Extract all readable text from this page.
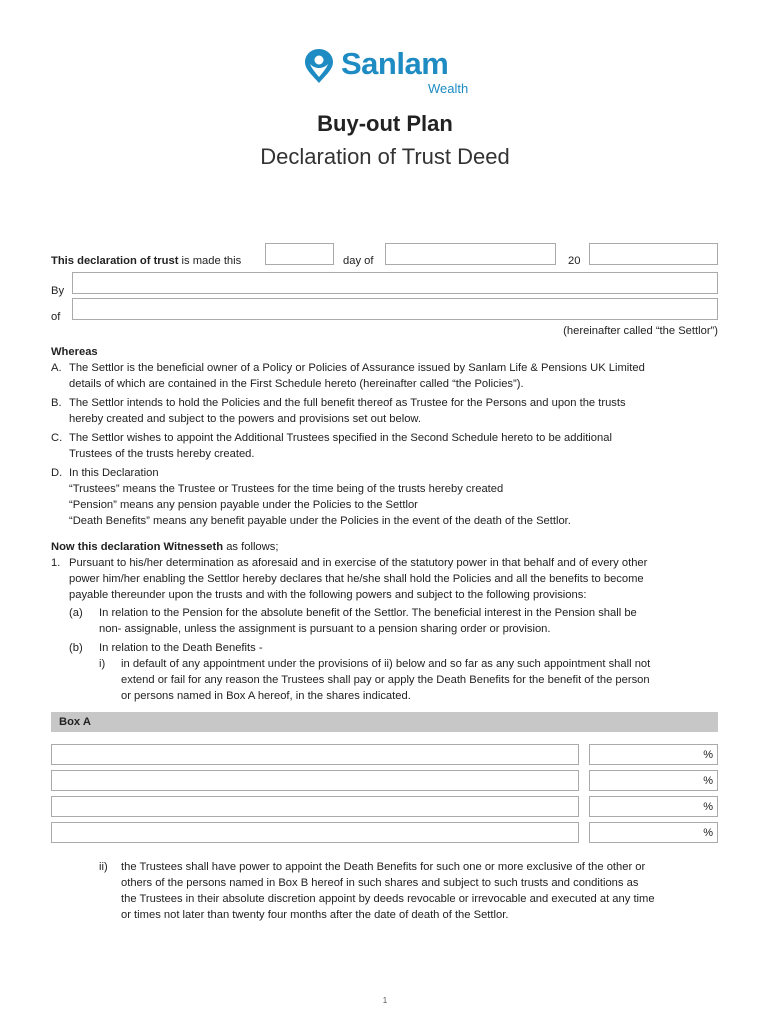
Sanlam
Wealth
Buy-out Plan
Declaration of Trust Deed
This declaration of trust is made this	day of	20
By
of
(hereinafter called “the Settlor”)
Whereas
A. The Settlor is the beneficial owner of a Policy or Policies of Assurance issued by Sanlam Life & Pensions UK Limited
details of which are contained in the First Schedule hereto (hereinafter called “the Policies”).
B. The Settlor intends to hold the Policies and the full benefit thereof as Trustee for the Persons and upon the trusts
hereby created and subject to the powers and provisions set out below.
C. The Settlor wishes to appoint the Additional Trustees specified in the Second Schedule hereto to be additional
Trustees of the trusts hereby created.
D. In this Declaration
“Trustees” means the Trustee or Trustees for the time being of the trusts hereby created
“Pension” means any pension payable under the Policies to the Settlor
“Death Benefits” means any benefit payable under the Policies in the event of the death of the Settlor.
Now this declaration Witnesseth as follows;
1. Pursuant to his/her determination as aforesaid and in exercise of the statutory power in that behalf and of every other
power him/her enabling the Settlor hereby declares that he/she shall hold the Policies and all the benefits to become
payable thereunder upon the trusts and with the following powers and subject to the following provisions:
(a) In relation to the Pension for the absolute benefit of the Settlor. The beneficial interest in the Pension shall be
non- assignable, unless the assignment is pursuant to a pension sharing order or provision.
(b) In relation to the Death Benefits -
i) in default of any appointment under the provisions of ii) below and so far as any such appointment shall not
extend or fail for any reason the Trustees shall pay or apply the Death Benefits for the benefit of the person
or persons named in Box A hereof, in the shares indicated.
Box A
%
%
%
%
ii) the Trustees shall have power to appoint the Death Benefits for such one or more exclusive of the other or
others of the persons named in Box B hereof in such shares and subject to such trusts and conditions as
the Trustees in their absolute discretion appoint by deeds revocable or irrevocable and executed at any time
or times not later than twenty four months after the date of death of the Settlor.
1
